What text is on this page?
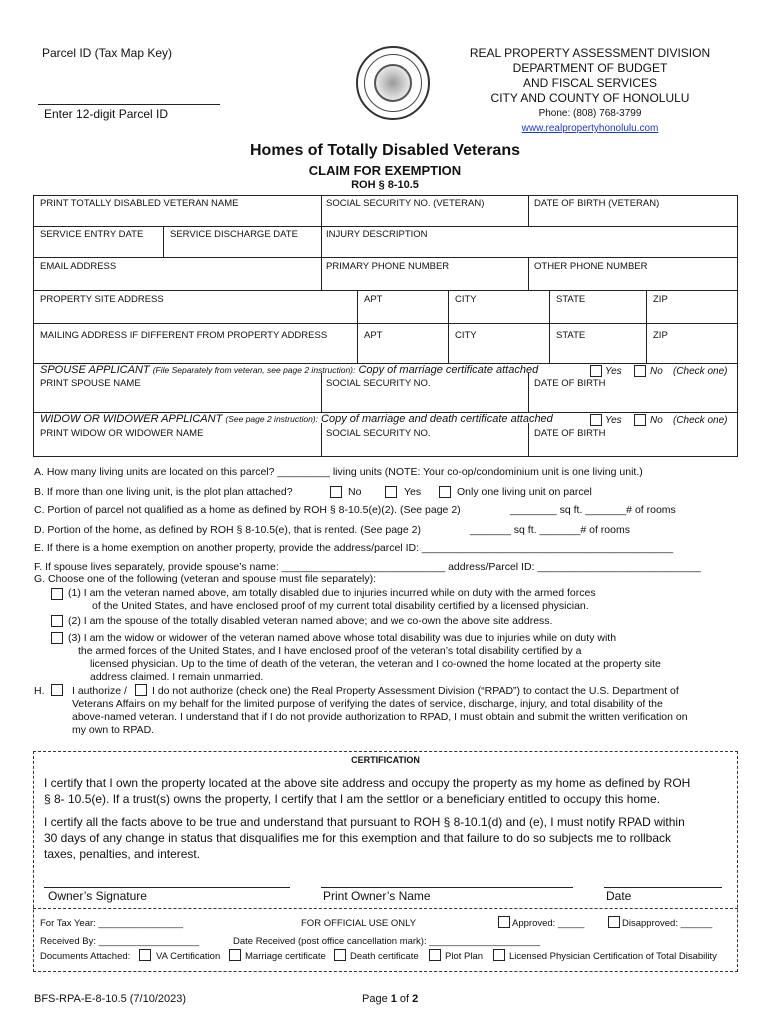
Parcel ID (Tax Map Key)
Enter 12-digit Parcel ID
REAL PROPERTY ASSESSMENT DIVISION
DEPARTMENT OF BUDGET
AND FISCAL SERVICES
CITY AND COUNTY OF HONOLULU
Phone: (808) 768-3799
www.realpropertyhonolulu.com
Homes of Totally Disabled Veterans
CLAIM FOR EXEMPTION
ROH § 8-10.5
PRINT TOTALLY DISABLED VETERAN NAME	SOCIAL SECURITY NO. (VETERAN)	DATE OF BIRTH (VETERAN)
SERVICE ENTRY DATE	SERVICE DISCHARGE DATE	INJURY DESCRIPTION
EMAIL ADDRESS	PRIMARY PHONE NUMBER	OTHER PHONE NUMBER
PROPERTY SITE ADDRESS	APT	CITY	STATE	ZIP
MAILING ADDRESS IF DIFFERENT FROM PROPERTY ADDRESS	APT	CITY	STATE	ZIP
SPOUSE APPLICANT (File Separately from veteran, see page 2 instruction): Copy of marriage certificate attached	Yes	No (Check one)
PRINT SPOUSE NAME	SOCIAL SECURITY NO.	DATE OF BIRTH
WIDOW OR WIDOWER APPLICANT (See page 2 instruction): Copy of marriage and death certificate attached	Yes	No (Check one)
PRINT WIDOW OR WIDOWER NAME	SOCIAL SECURITY NO.	DATE OF BIRTH
A. How many living units are located on this parcel? _________ living units (NOTE: Your co-op/condominium unit is one living unit.)
B. If more than one living unit, is the plot plan attached?	No	Yes	Only one living unit on parcel
C. Portion of parcel not qualified as a home as defined by ROH § 8-10.5(e)(2). (See page 2)	________ sq ft. _______# of rooms
D. Portion of the home, as defined by ROH § 8-10.5(e), that is rented. (See page 2)	_______ sq ft. _______# of rooms
E. If there is a home exemption on another property, provide the address/parcel ID: ___________________________________________
F. If spouse lives separately, provide spouse’s name: ____________________________ address/Parcel ID: ____________________________
G. Choose one of the following (veteran and spouse must file separately):
(1) I am the veteran named above, am totally disabled due to injuries incurred while on duty with the armed forces
of the United States, and have enclosed proof of my current total disability certified by a licensed physician.
(2) I am the spouse of the totally disabled veteran named above; and we co-own the above site address.
(3) I am the widow or widower of the veteran named above whose total disability was due to injuries while on duty with
the armed forces of the United States, and I have enclosed proof of the veteran’s total disability certified by a
licensed physician. Up to the time of death of the veteran, the veteran and I co-owned the home located at the property site
address claimed. I remain unmarried.
H.	I authorize / I do not authorize (check one) the Real Property Assessment Division (“RPAD”) to contact the U.S. Department of
Veterans Affairs on my behalf for the limited purpose of verifying the dates of service, discharge, injury, and total disability of the
above-named veteran. I understand that if I do not provide authorization to RPAD, I must obtain and submit the written verification on
my own to RPAD.
CERTIFICATION
I certify that I own the property located at the above site address and occupy the property as my home as defined by ROH
§ 8- 10.5(e). If a trust(s) owns the property, I certify that I am the settlor or a beneficiary entitled to occupy this home.
I certify all the facts above to be true and understand that pursuant to ROH § 8-10.1(d) and (e), I must notify RPAD within
30 days of any change in status that disqualifies me for this exemption and that failure to do so subjects me to rollback
taxes, penalties, and interest.
Owner’s Signature	Print Owner’s Name	Date
For Tax Year: ________________	FOR OFFICIAL USE ONLY	Approved: _____	Disapproved: ______
Received By: ___________________	Date Received (post office cancellation mark): _____________________
Documents Attached:	VA Certification	Marriage certificate	Death certificate	Plot Plan	Licensed Physician Certification of Total Disability
BFS-RPA-E-8-10.5 (7/10/2023)	Page 1 of 2
